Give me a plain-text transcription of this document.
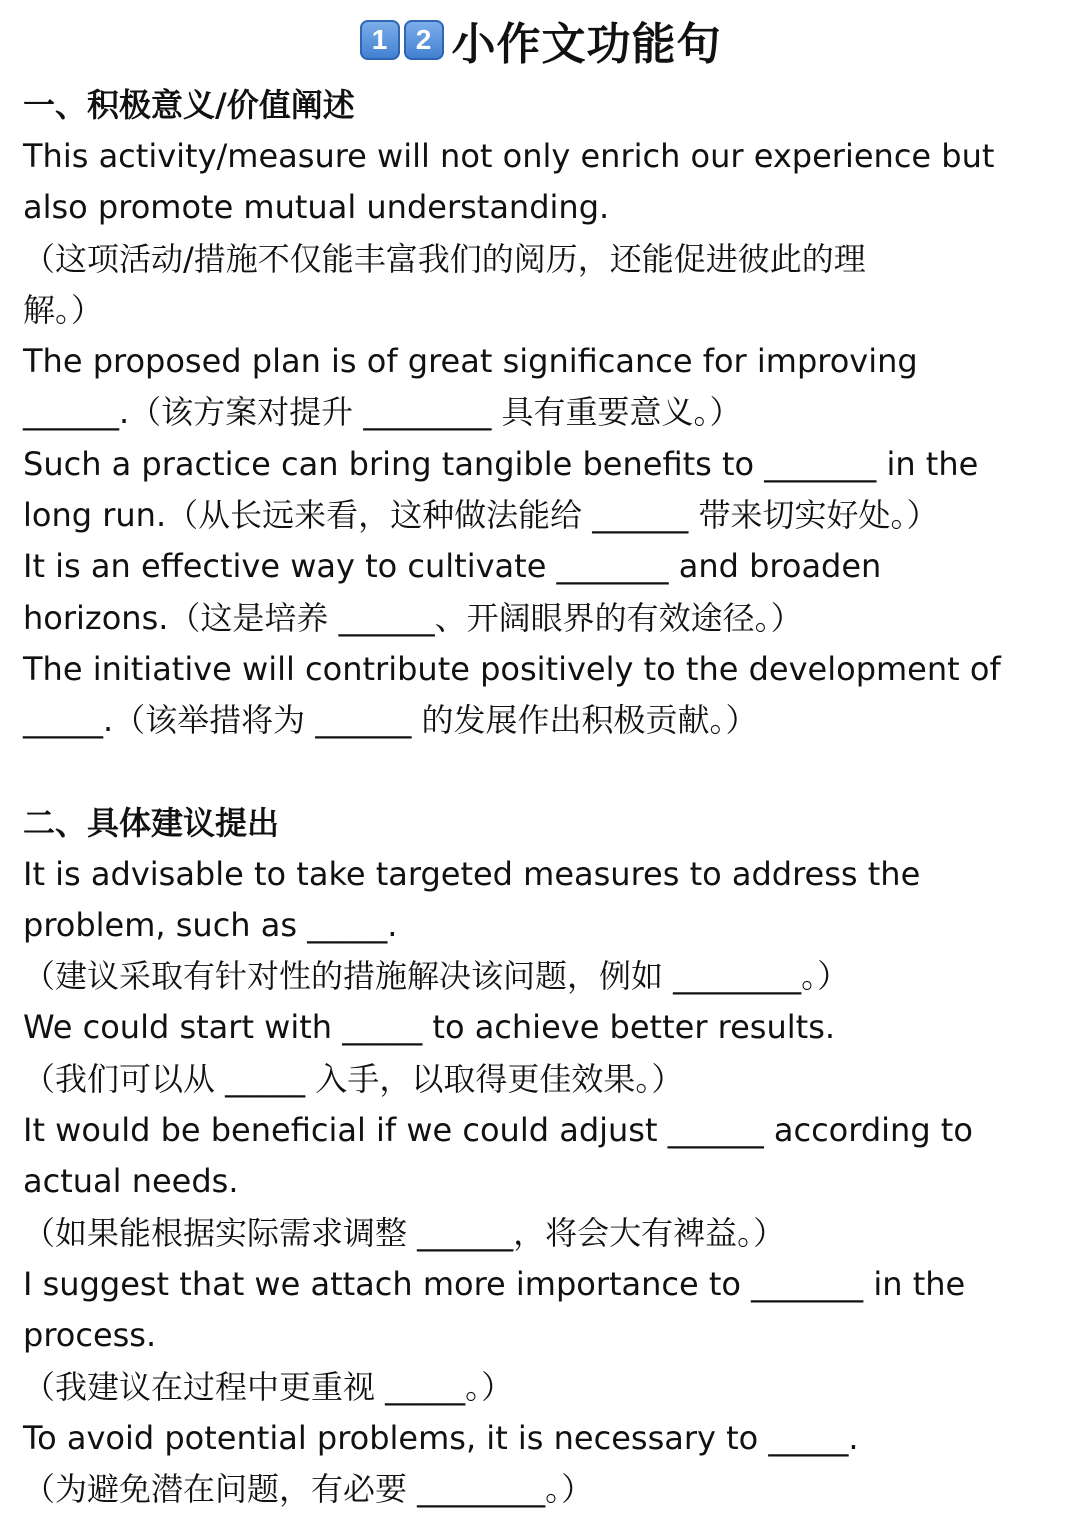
1	2 小作文功能句

一、积极意义/价值阐述

This activity/measure will not only enrich our experience but

also promote mutual understanding.

（这项活动/措施不仅能丰富我们的阅历，还能促进彼此的理

解。）

The proposed plan is of great significance for improving

______.（该方案对提升 ________ 具有重要意义。）

Such a practice can bring tangible benefits to _______ in the

long run.（从长远来看，这种做法能给 ______ 带来切实好处。）

It is an effective way to cultivate _______ and broaden

horizons.（这是培养 ______、开阔眼界的有效途径。）

The initiative will contribute positively to the development of

_____.（该举措将为 ______ 的发展作出积极贡献。）

二、具体建议提出

It is advisable to take targeted measures to address the

problem, such as _____.

（建议采取有针对性的措施解决该问题，例如 ________。）

We could start with _____ to achieve better results.

（我们可以从 _____ 入手，以取得更佳效果。）

It would be beneficial if we could adjust ______ according to

actual needs.

（如果能根据实际需求调整 ______，将会大有裨益。）

I suggest that we attach more importance to _______ in the

process.

（我建议在过程中更重视 _____。）

To avoid potential problems, it is necessary to _____.

（为避免潜在问题，有必要 ________。）
